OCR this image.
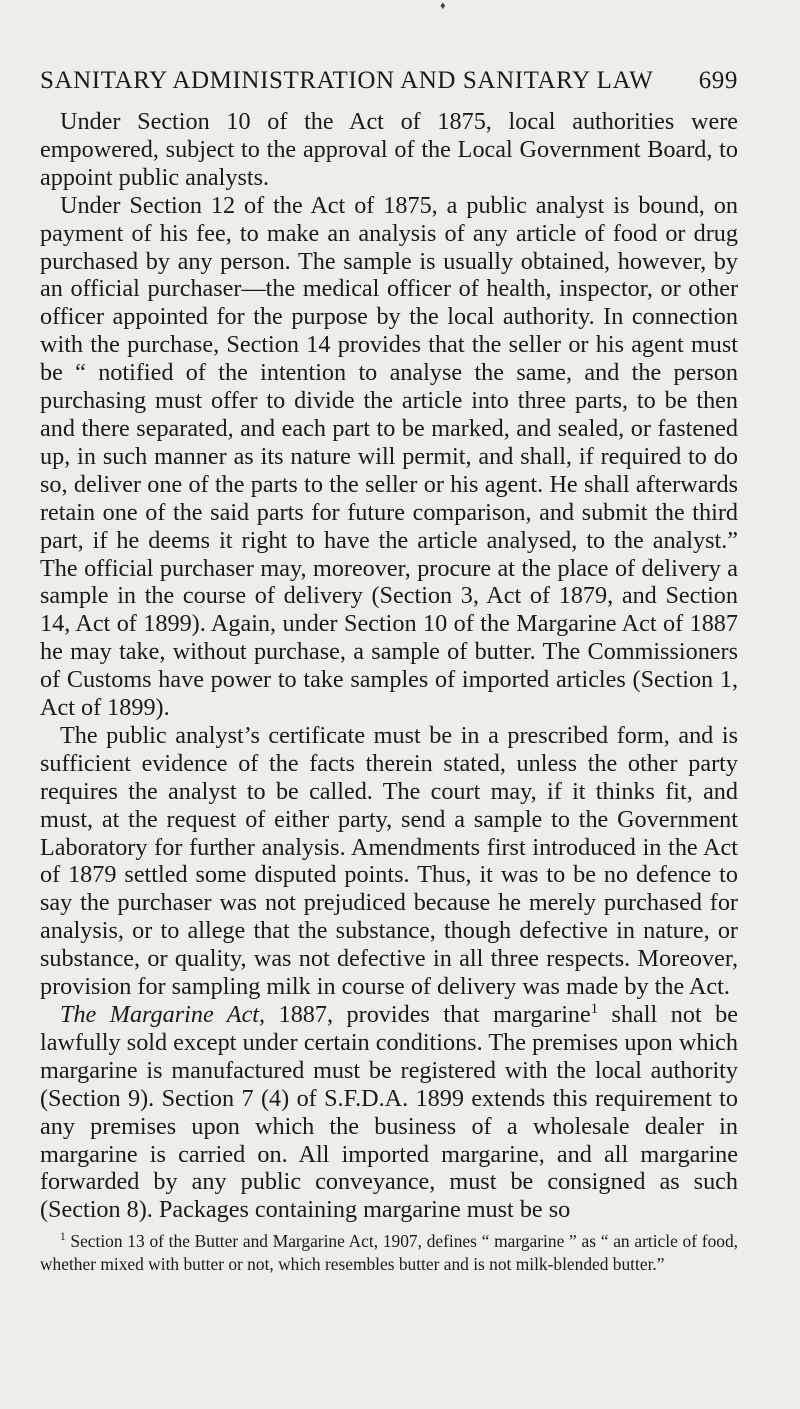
♦
SANITARY ADMINISTRATION AND SANITARY LAW 699

Under Section 10 of the Act of 1875, local authorities were empowered, subject to the approval of the Local Government Board, to appoint public analysts.

Under Section 12 of the Act of 1875, a public analyst is bound, on payment of his fee, to make an analysis of any article of food or drug purchased by any person. The sample is usually obtained, however, by an official purchaser—the medical officer of health, inspector, or other officer appointed for the purpose by the local authority. In connection with the purchase, Section 14 provides that the seller or his agent must be “ notified of the intention to analyse the same, and the person purchasing must offer to divide the article into three parts, to be then and there separated, and each part to be marked, and sealed, or fastened up, in such manner as its nature will permit, and shall, if required to do so, deliver one of the parts to the seller or his agent. He shall afterwards retain one of the said parts for future comparison, and submit the third part, if he deems it right to have the article analysed, to the analyst.” The official purchaser may, moreover, procure at the place of delivery a sample in the course of delivery (Section 3, Act of 1879, and Section 14, Act of 1899). Again, under Section 10 of the Margarine Act of 1887 he may take, without purchase, a sample of butter. The Commissioners of Customs have power to take samples of imported articles (Section 1, Act of 1899).

The public analyst’s certificate must be in a prescribed form, and is sufficient evidence of the facts therein stated, unless the other party requires the analyst to be called. The court may, if it thinks fit, and must, at the request of either party, send a sample to the Government Laboratory for further analysis. Amendments first introduced in the Act of 1879 settled some disputed points. Thus, it was to be no defence to say the purchaser was not prejudiced because he merely purchased for analysis, or to allege that the substance, though defective in nature, or substance, or quality, was not defective in all three respects. Moreover, provision for sampling milk in course of delivery was made by the Act.

The Margarine Act, 1887, provides that margarine$^1$ shall not be lawfully sold except under certain conditions. The premises upon which margarine is manufactured must be registered with the local authority (Section 9). Section 7 (4) of S.F.D.A. 1899 extends this requirement to any premises upon which the business of a wholesale dealer in margarine is carried on. All imported margarine, and all margarine forwarded by any public conveyance, must be consigned as such (Section 8). Packages containing margarine must be so

$^1$ Section 13 of the Butter and Margarine Act, 1907, defines “ margarine ” as “ an article of food, whether mixed with butter or not, which resembles butter and is not milk-blended butter.”
